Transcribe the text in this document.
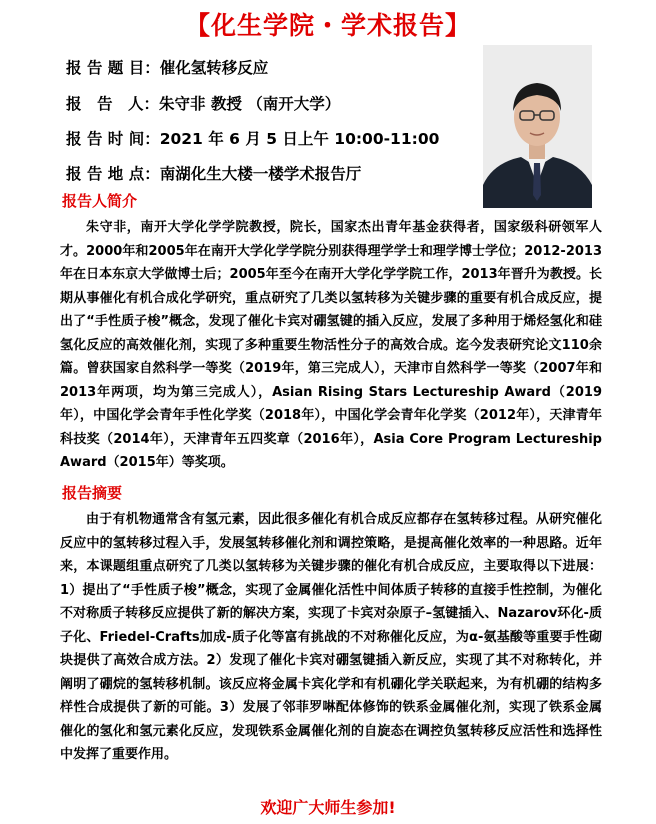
【化生学院・学术报告】
报 告 题 目：催化氢转移反应
报　告　人：朱守非 教授 （南开大学）
报 告 时 间：2021 年 6 月 5 日上午 10:00-11:00
报 告 地 点：南湖化生大楼一楼学术报告厅
报告人简介
朱守非，南开大学化学学院教授，院长，国家杰出青年基金获得者，国家级科研领军人才。2000年和2005年在南开大学化学学院分别获得理学学士和理学博士学位；2012-2013年在日本东京大学做博士后；2005年至今在南开大学化学学院工作，2013年晋升为教授。长期从事催化有机合成化学研究，重点研究了几类以氢转移为关键步骤的重要有机合成反应，提出了“手性质子梭”概念，发现了催化卡宾对硼氢键的插入反应，发展了多种用于烯烃氢化和硅氢化反应的高效催化剂，实现了多种重要生物活性分子的高效合成。迄今发表研究论文110余篇。曾获国家自然科学一等奖（2019年，第三完成人），天津市自然科学一等奖（2007年和2013年两项，均为第三完成人），Asian Rising Stars Lectureship Award（2019年），中国化学会青年手性化学奖（2018年），中国化学会青年化学奖（2012年），天津青年科技奖（2014年），天津青年五四奖章（2016年），Asia Core Program Lectureship Award（2015年）等奖项。
报告摘要
由于有机物通常含有氢元素，因此很多催化有机合成反应都存在氢转移过程。从研究催化反应中的氢转移过程入手，发展氢转移催化剂和调控策略，是提高催化效率的一种思路。近年来，本课题组重点研究了几类以氢转移为关键步骤的催化有机合成反应，主要取得以下进展：1）提出了“手性质子梭”概念，实现了金属催化活性中间体质子转移的直接手性控制，为催化不对称质子转移反应提供了新的解决方案，实现了卡宾对杂原子–氢键插入、Nazarov环化-质子化、Friedel-Crafts加成-质子化等富有挑战的不对称催化反应，为α-氨基酸等重要手性砌块提供了高效合成方法。2）发现了催化卡宾对硼氢键插入新反应，实现了其不对称转化，并阐明了硼烷的氢转移机制。该反应将金属卡宾化学和有机硼化学关联起来，为有机硼的结构多样性合成提供了新的可能。3）发展了邻菲罗啉配体修饰的铁系金属催化剂，实现了铁系金属催化的氢化和氢元素化反应，发现铁系金属催化剂的自旋态在调控负氢转移反应活性和选择性中发挥了重要作用。
欢迎广大师生参加!
